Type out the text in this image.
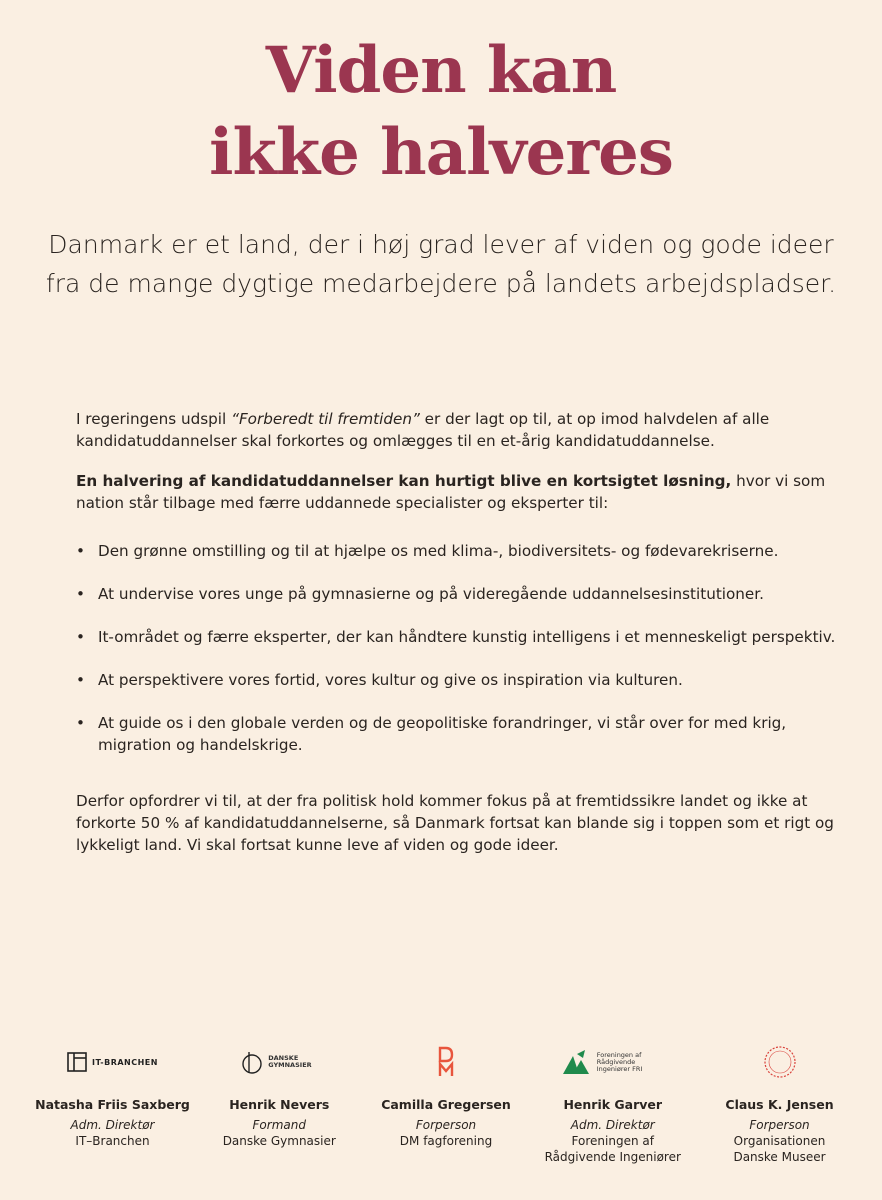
Viden kan
ikke halveres
Danmark er et land, der i høj grad lever af viden og gode ideer fra de mange dygtige medarbejdere på landets arbejdspladser.

I regeringens udspil “Forberedt til fremtiden” er der lagt op til, at op imod halvdelen af alle kandidatuddannelser skal forkortes og omlægges til en et-årig kandidatuddannelse.

En halvering af kandidatuddannelser kan hurtigt blive en kortsigtet løsning, hvor vi som nation står tilbage med færre uddannede specialister og eksperter til:

• Den grønne omstilling og til at hjælpe os med klima-, biodiversitets- og fødevarekriserne.
• At undervise vores unge på gymnasierne og på videregående uddannelsesinstitutioner.
• It-området og færre eksperter, der kan håndtere kunstig intelligens i et menneskeligt perspektiv.
• At perspektivere vores fortid, vores kultur og give os inspiration via kulturen.
• At guide os i den globale verden og de geopolitiske forandringer, vi står over for med krig, migration og handelskrige.

Derfor opfordrer vi til, at der fra politisk hold kommer fokus på at fremtidssikre landet og ikke at forkorte 50 % af kandidatuddannelserne, så Danmark fortsat kan blande sig i toppen som et rigt og lykkeligt land. Vi skal fortsat kunne leve af viden og gode ideer.

IT-BRANCHEN
Natasha Friis Saxberg
Adm. Direktør
IT–Branchen
DANSKE GYMNASIER
Henrik Nevers
Formand
Danske Gymnasier
Camilla Gregersen
Forperson
DM fagforening
Foreningen af Rådgivende Ingeniører FRI
Henrik Garver
Adm. Direktør
Foreningen af
Rådgivende Ingeniører
Claus K. Jensen
Forperson
Organisationen
Danske Museer
